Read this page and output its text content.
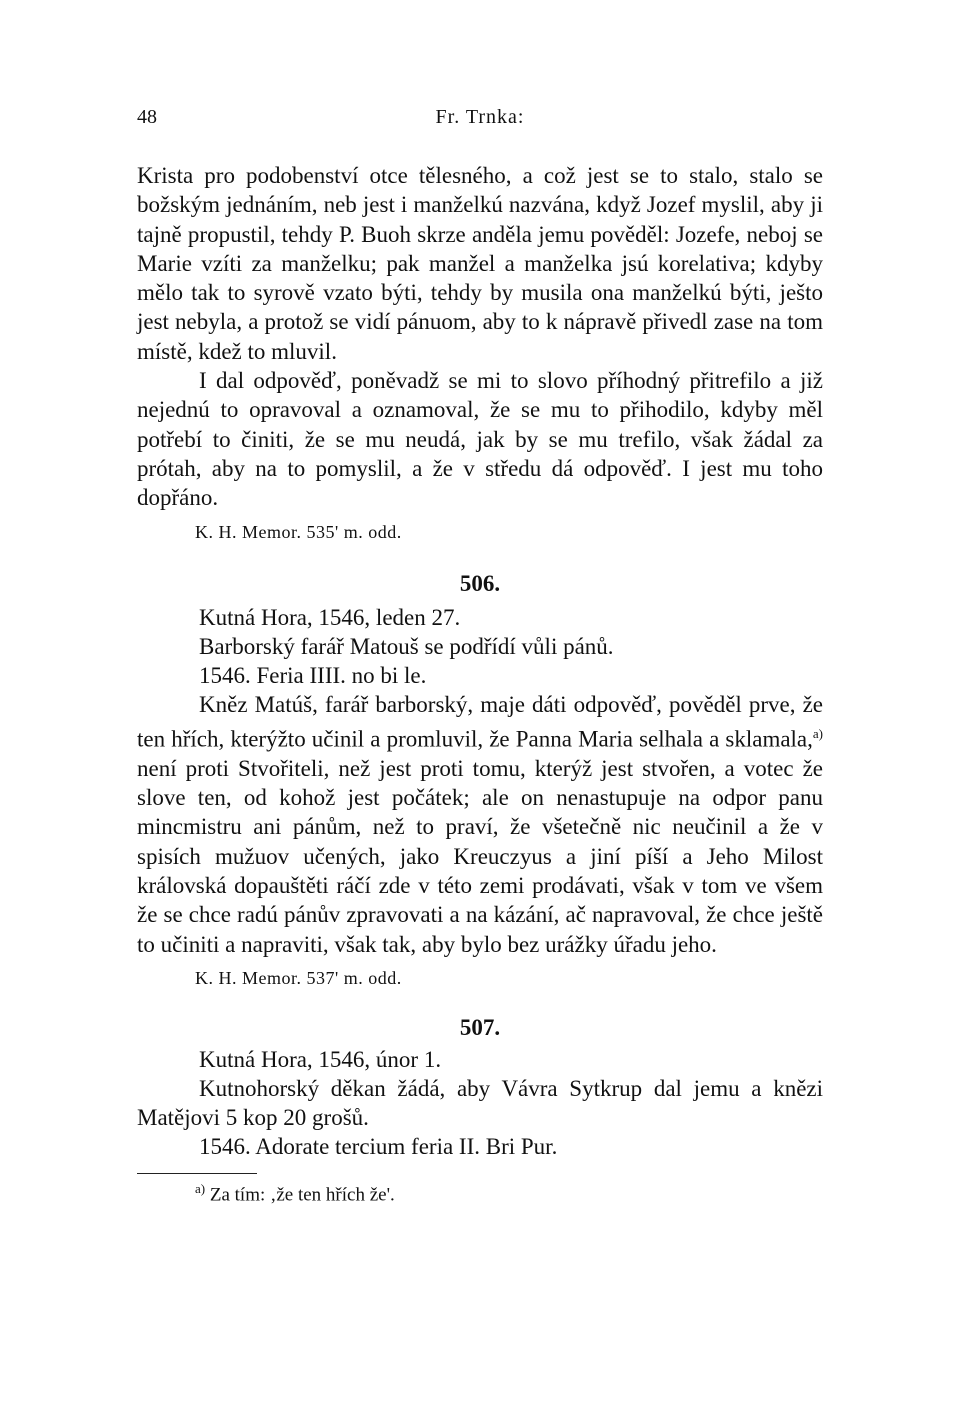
48	Fr. Trnka:

Krista pro podobenství otce tělesného, a což jest se to stalo, stalo se božským jednáním, neb jest i manželkú nazvána, když Jozef myslil, aby ji tajně propustil, tehdy P. Buoh skrze anděla jemu pověděl: Jozefe, neboj se Marie vzíti za manželku; pak manžel a manželka jsú korelativa; kdyby mělo tak to syrově vzato býti, tehdy by musila ona manželkú býti, ješto jest nebyla, a protož se vidí pánuom, aby to k nápravě přivedl zase na tom místě, kdež to mluvil.

I dal odpověď, poněvadž se mi to slovo příhodný přitrefilo a již nejednú to opravoval a oznamoval, že se mu to přihodilo, kdyby měl potřebí to činiti, že se mu neudá, jak by se mu trefilo, však žádal za prótah, aby na to pomyslil, a že v středu dá odpověď. I jest mu toho dopřáno.

K. H. Memor. 535' m. odd.

506.

Kutná Hora, 1546, leden 27.

Barborský farář Matouš se podřídí vůli pánů.

1546. Feria IIII. no bi le.

Kněz Matúš, farář barborský, maje dáti odpověď, pověděl prve, že ten hřích, kterýžto učinil a promluvil, že Panna Maria selhala a sklamala,$^{a)}$ není proti Stvořiteli, než jest proti tomu, kterýž jest stvořen, a votec že slove ten, od kohož jest počátek; ale on nenastupuje na odpor panu mincmistru ani pánům, než to praví, že všetečně nic neučinil a že v spisích mužuov učených, jako Kreuczyus a jiní píší a Jeho Milost královská dopauštěti ráčí zde v této zemi prodávati, však v tom ve všem že se chce radú pánův zpravovati a na kázání, ač napravoval, že chce ještě to učiniti a napraviti, však tak, aby bylo bez urážky úřadu jeho.

K. H. Memor. 537' m. odd.

507.

Kutná Hora, 1546, únor 1.

Kutnohorský děkan žádá, aby Vávra Sytkrup dal jemu a knězi Matějovi 5 kop 20 grošů.

1546. Adorate tercium feria II. Bri Pur.

$^{a)}$ Za tím: ‚že ten hřích že'.
